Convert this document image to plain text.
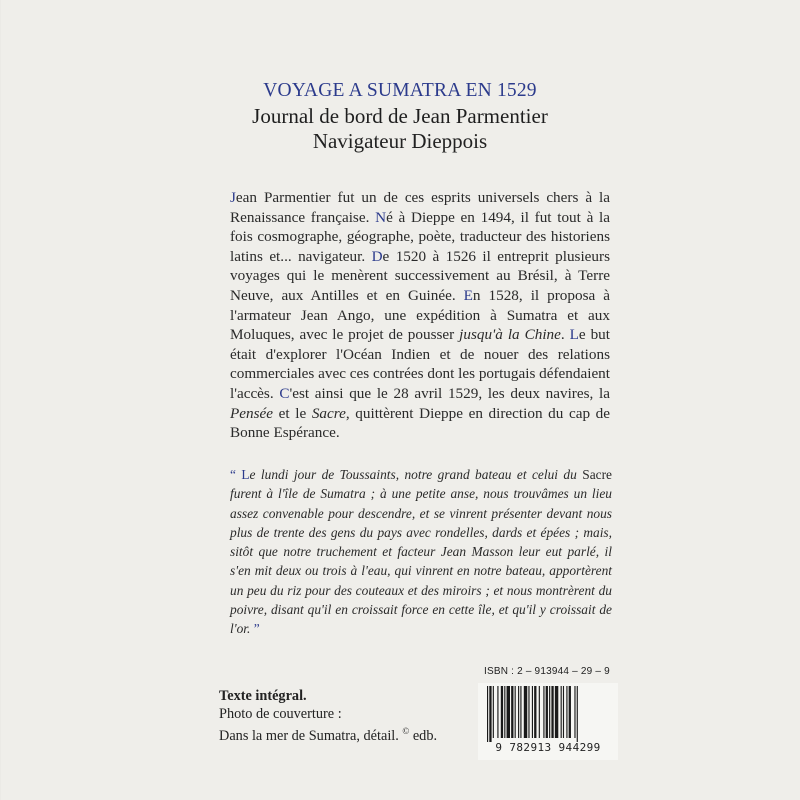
VOYAGE A SUMATRA EN 1529
Journal de bord de Jean Parmentier
Navigateur Dieppois

Jean Parmentier fut un de ces esprits universels chers à la Renaissance française. Né à Dieppe en 1494, il fut tout à la fois cosmographe, géographe, poète, traducteur des historiens latins et... navigateur. De 1520 à 1526 il entreprit plusieurs voyages qui le menèrent successivement au Brésil, à Terre Neuve, aux Antilles et en Guinée. En 1528, il proposa à l'armateur Jean Ango, une expédition à Sumatra et aux Moluques, avec le projet de pousser jusqu'à la Chine. Le but était d'explorer l'Océan Indien et de nouer des relations commerciales avec ces contrées dont les portugais défendaient l'accès. C'est ainsi que le 28 avril 1529, les deux navires, la Pensée et le Sacre, quittèrent Dieppe en direction du cap de Bonne Espérance.

“ Le lundi jour de Toussaints, notre grand bateau et celui du Sacre furent à l'île de Sumatra ; à une petite anse, nous trouvâmes un lieu assez convenable pour descendre, et se vinrent présenter devant nous plus de trente des gens du pays avec rondelles, dards et épées ; mais, sitôt que notre truchement et facteur Jean Masson leur eut parlé, il s'en mit deux ou trois à l'eau, qui vinrent en notre bateau, apportèrent un peu du riz pour des couteaux et des miroirs ; et nous montrèrent du poivre, disant qu'il en croissait force en cette île, et qu'il y croissait de l'or. ”

ISBN : 2 – 913944 – 29 – 9
9 782913 944299
Texte intégral.
Photo de couverture :
Dans la mer de Sumatra, détail. © edb.
